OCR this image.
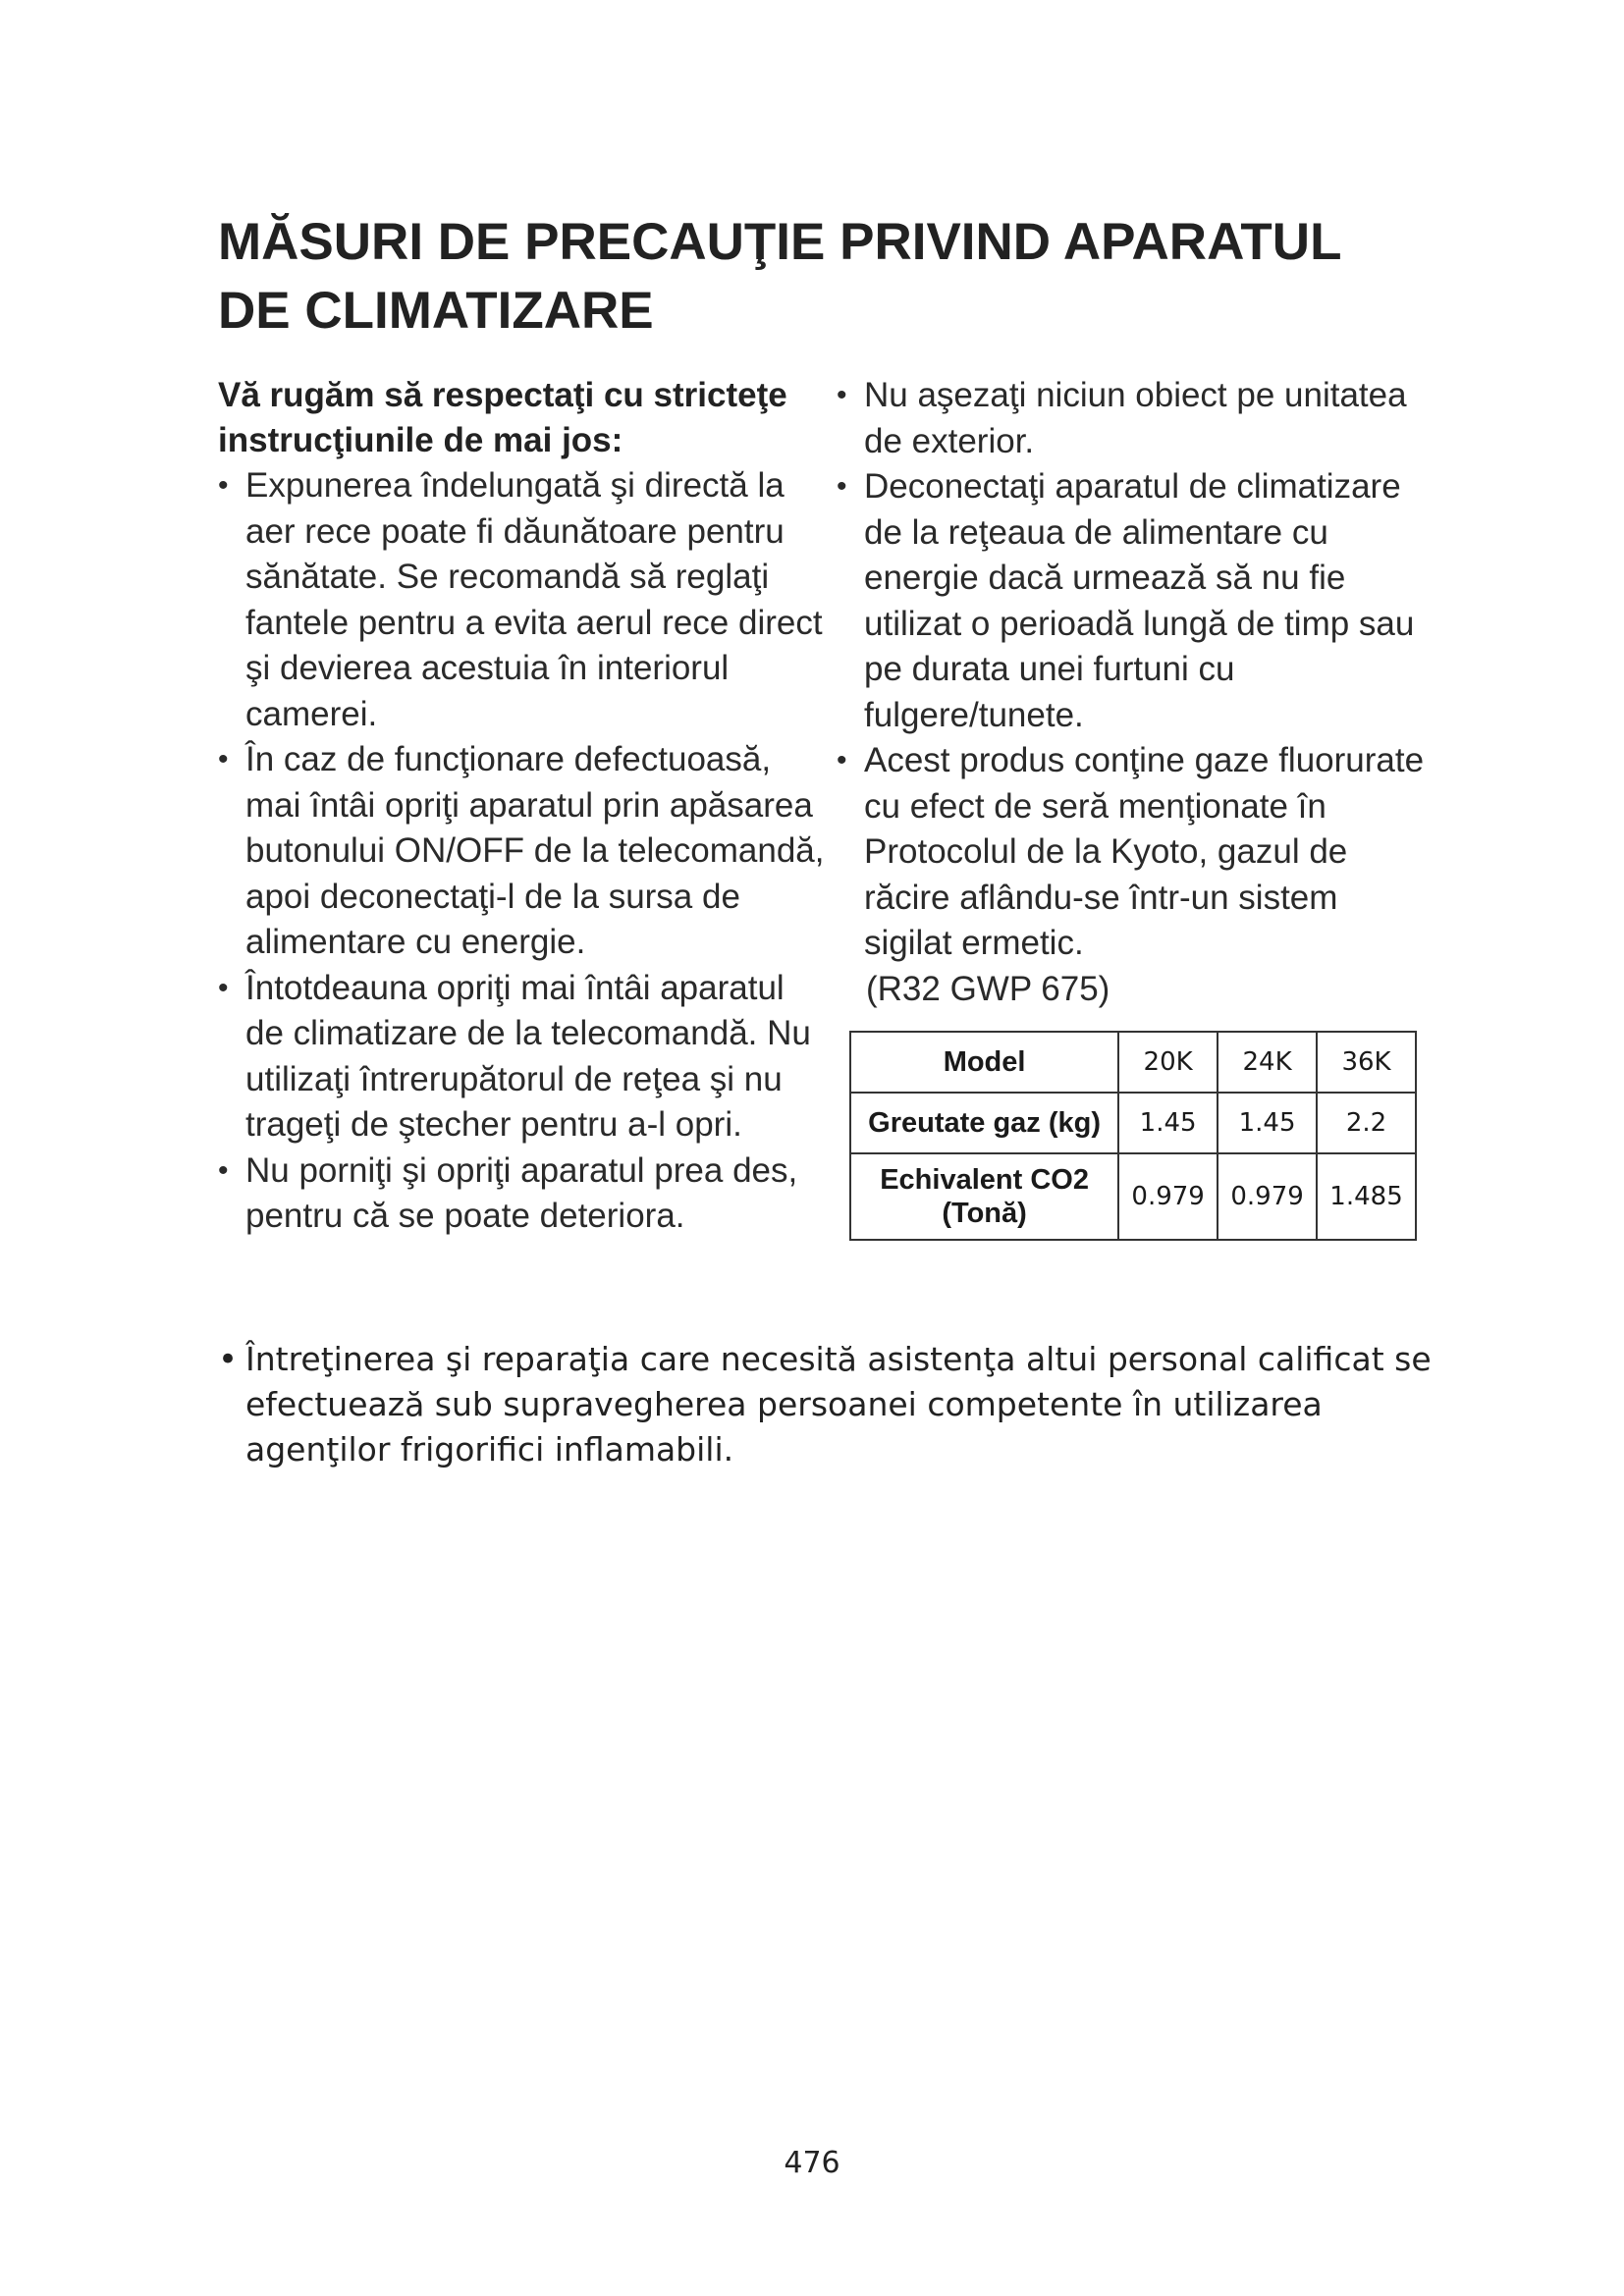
MĂSURI DE PRECAUŢIE PRIVIND APARATUL DE CLIMATIZARE

Vă rugăm să respectaţi cu stricteţe instrucţiunile de mai jos:

• Expunerea îndelungată şi directă la aer rece poate fi dăunătoare pentru sănătate. Se recomandă să reglaţi fantele pentru a evita aerul rece direct şi devierea acestuia în interiorul camerei.
• În caz de funcţionare defectuoasă, mai întâi opriţi aparatul prin apăsarea butonului ON/OFF de la telecomandă, apoi deconectaţi-l de la sursa de alimentare cu energie.
• Întotdeauna opriţi mai întâi aparatul de climatizare de la telecomandă. Nu utilizaţi întrerupătorul de reţea şi nu trageţi de ştecher pentru a-l opri.
• Nu porniţi şi opriţi aparatul prea des, pentru că se poate deteriora.
• Nu aşezaţi niciun obiect pe unitatea de exterior.
• Deconectaţi aparatul de climatizare de la reţeaua de alimentare cu energie dacă urmează să nu fie utilizat o perioadă lungă de timp sau pe durata unei furtuni cu fulgere/tunete.
• Acest produs conţine gaze fluorurate cu efect de seră menţionate în Protocolul de la Kyoto, gazul de răcire aflându-se într-un sistem sigilat ermetic.

(R32 GWP 675)

Model	20K	24K	36K
Greutate gaz (kg)	1.45	1.45	2.2
Echivalent CO2 (Tonă)	0.979	0.979	1.485

• Întreţinerea şi reparaţia care necesită asistenţa altui personal calificat se efectuează sub supravegherea persoanei competente în utilizarea agenţilor frigorifici inflamabili.

476
